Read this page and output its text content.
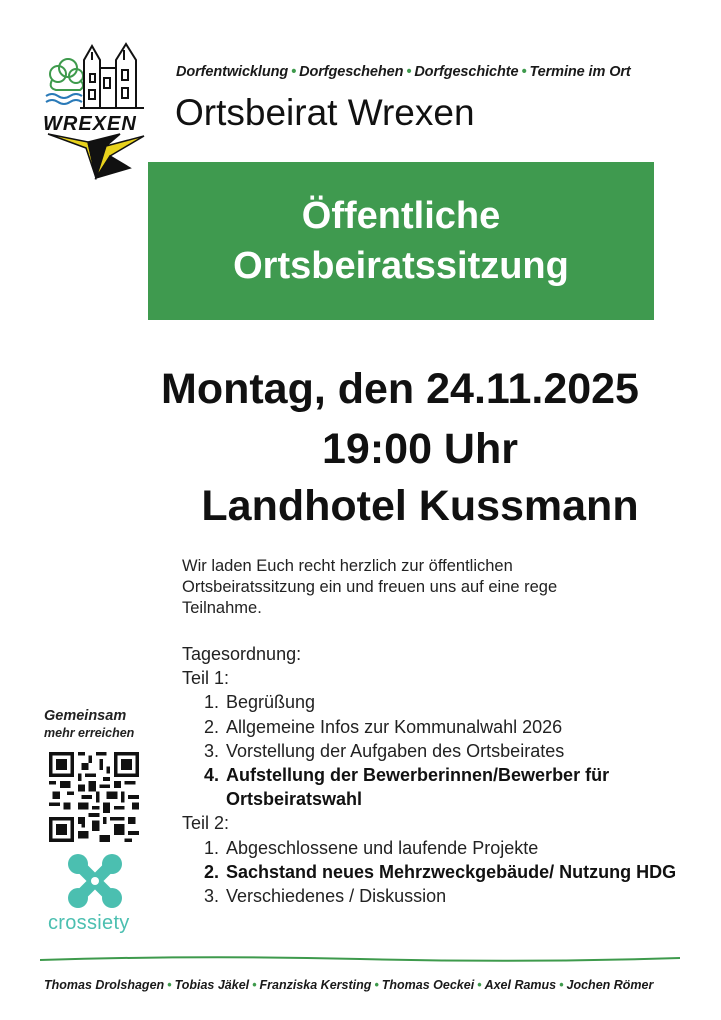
WREXEN
Dorfentwicklung • Dorfgeschehen • Dorfgeschichte • Termine im Ort
Ortsbeirat Wrexen
Öffentliche
Ortsbeiratssitzung
Montag, den 24.11.2025
19:00 Uhr
Landhotel Kussmann
Wir laden Euch recht herzlich zur öffentlichen Ortsbeiratssitzung ein und freuen uns auf eine rege Teilnahme.
Tagesordnung:
Teil 1:
1. Begrüßung
2. Allgemeine Infos zur Kommunalwahl 2026
3. Vorstellung der Aufgaben des Ortsbeirates
4. Aufstellung der Bewerberinnen/Bewerber für Ortsbeiratswahl
Teil 2:
1. Abgeschlossene und laufende Projekte
2. Sachstand neues Mehrzweckgebäude/ Nutzung HDG
3. Verschiedenes / Diskussion
Gemeinsam
mehr erreichen
crossiety
Thomas Drolshagen • Tobias Jäkel • Franziska Kersting • Thomas Oeckei • Axel Ramus • Jochen Römer
